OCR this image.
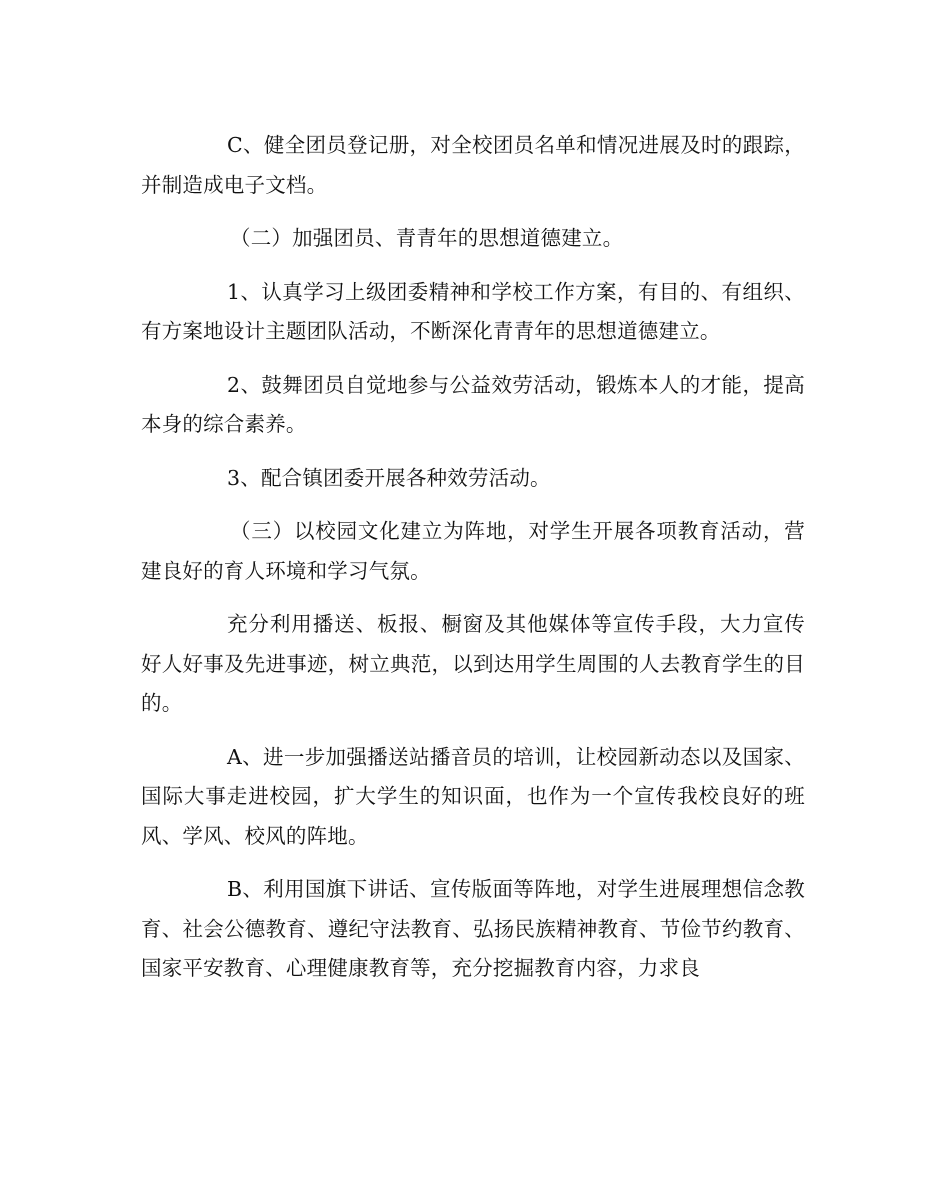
C、健全团员登记册，对全校团员名单和情况进展及时的跟踪，并制造成电子文档。

（二）加强团员、青青年的思想道德建立。

1、认真学习上级团委精神和学校工作方案，有目的、有组织、有方案地设计主题团队活动，不断深化青青年的思想道德建立。

2、鼓舞团员自觉地参与公益效劳活动，锻炼本人的才能，提高本身的综合素养。

3、配合镇团委开展各种效劳活动。

（三）以校园文化建立为阵地，对学生开展各项教育活动，营建良好的育人环境和学习气氛。

充分利用播送、板报、橱窗及其他媒体等宣传手段，大力宣传好人好事及先进事迹，树立典范，以到达用学生周围的人去教育学生的目的。

A、进一步加强播送站播音员的培训，让校园新动态以及国家、国际大事走进校园，扩大学生的知识面，也作为一个宣传我校良好的班风、学风、校风的阵地。

B、利用国旗下讲话、宣传版面等阵地，对学生进展理想信念教育、社会公德教育、遵纪守法教育、弘扬民族精神教育、节俭节约教育、国家平安教育、心理健康教育等，充分挖掘教育内容，力求良
